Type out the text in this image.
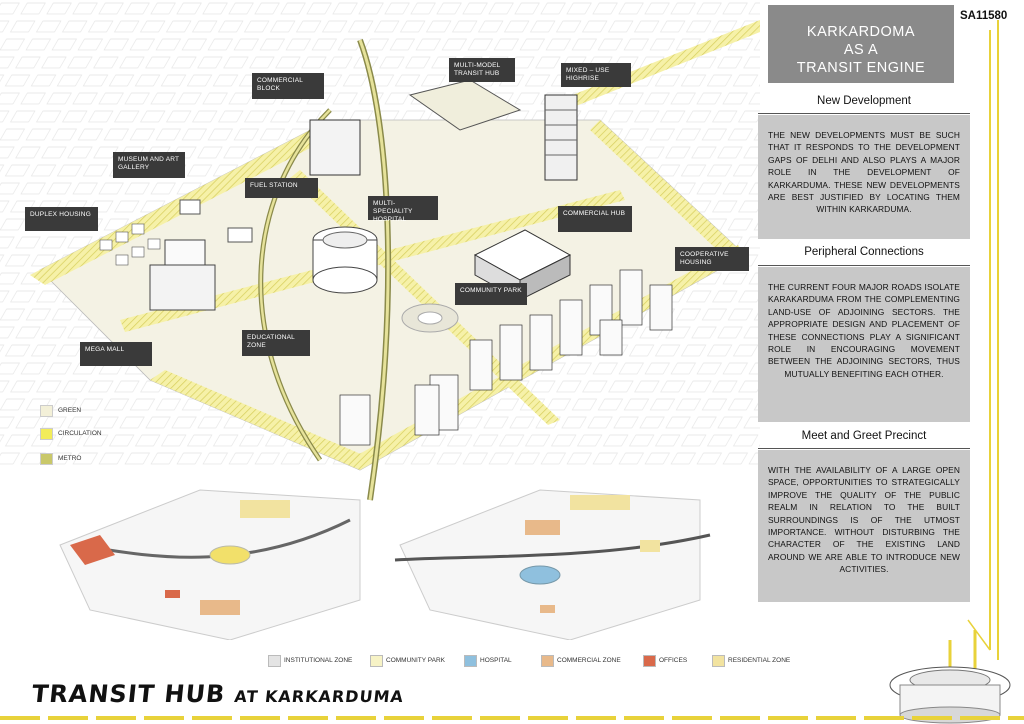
COMMERCIAL BLOCK
MULTI-MODEL TRANSIT HUB	MIXED – USE HIGHRISE
MUSEUM AND ART GALLERY
FUEL STATION
DUPLEX HOUSING
MULTI-SPECIALITY HOSPITAL
COMMERCIAL HUB
COOPERATIVE HOUSING
COMMUNITY PARK
EDUCATIONAL ZONE
MEGA MALL
GREEN
CIRCULATION
METRO
SA11580
KARKARDOMA
AS A
TRANSIT ENGINE
New Development
THE NEW DEVELOPMENTS MUST BE SUCH THAT IT RESPONDS TO THE DEVELOPMENT GAPS OF DELHI AND ALSO PLAYS A MAJOR ROLE IN THE DEVELOPMENT OF KARKARDUMA. THESE NEW DEVELOPMENTS ARE BEST JUSTIFIED BY LOCATING THEM WITHIN KARKARDUMA.
Peripheral Connections
THE CURRENT FOUR MAJOR ROADS ISOLATE KARAKARDUMA FROM THE COMPLEMENTING LAND-USE OF ADJOINING SECTORS. THE APPROPRIATE DESIGN AND PLACEMENT OF THESE CONNECTIONS PLAY A SIGNIFICANT ROLE IN ENCOURAGING MOVEMENT BETWEEN THE ADJOINING SECTORS, THUS MUTUALLY BENEFITING EACH OTHER.
Meet and Greet Precinct
WITH THE AVAILABILITY OF A LARGE OPEN SPACE, OPPORTUNITIES TO STRATEGICALLY IMPROVE THE QUALITY OF THE PUBLIC REALM IN RELATION TO THE BUILT SURROUNDINGS IS OF THE UTMOST IMPORTANCE. WITHOUT DISTURBING THE CHARACTER OF THE EXISTING LAND AROUND WE ARE ABLE TO INTRODUCE NEW ACTIVITIES.
INSTITUTIONAL ZONE	COMMUNITY PARK	HOSPITAL	COMMERCIAL ZONE	OFFICES	RESIDENTIAL ZONE
TRANSIT HUB AT KARKARDUMA
